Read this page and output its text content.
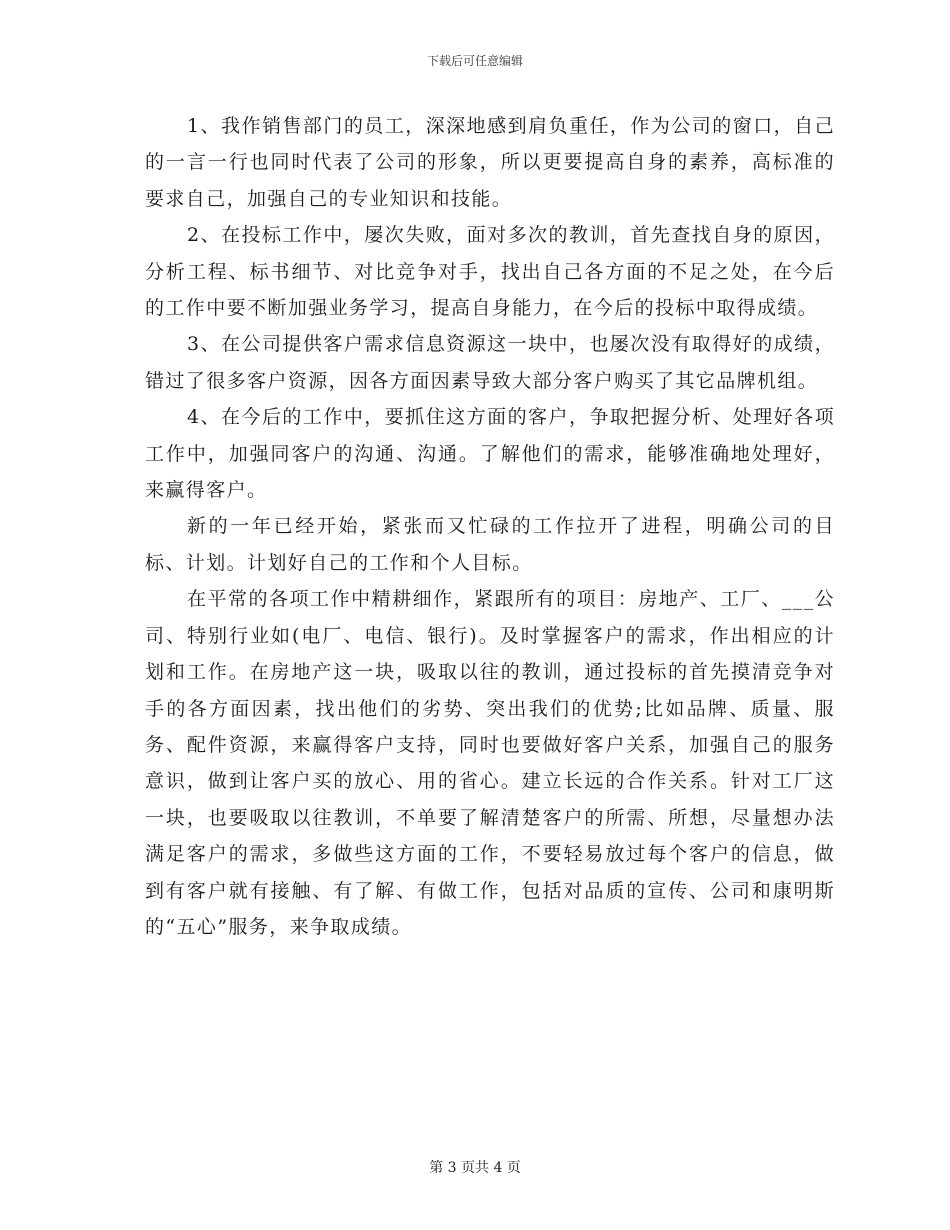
下载后可任意编辑

1、我作销售部门的员工，深深地感到肩负重任，作为公司的窗口，自己的一言一行也同时代表了公司的形象，所以更要提高自身的素养，高标准的要求自己，加强自己的专业知识和技能。

2、在投标工作中，屡次失败，面对多次的教训，首先查找自身的原因，分析工程、标书细节、对比竞争对手，找出自己各方面的不足之处，在今后的工作中要不断加强业务学习，提高自身能力，在今后的投标中取得成绩。

3、在公司提供客户需求信息资源这一块中，也屡次没有取得好的成绩，错过了很多客户资源，因各方面因素导致大部分客户购买了其它品牌机组。

4、在今后的工作中，要抓住这方面的客户，争取把握分析、处理好各项工作中，加强同客户的沟通、沟通。了解他们的需求，能够准确地处理好，来赢得客户。

新的一年已经开始，紧张而又忙碌的工作拉开了进程，明确公司的目标、计划。计划好自己的工作和个人目标。

在平常的各项工作中精耕细作，紧跟所有的项目：房地产、工厂、___公司、特别行业如(电厂、电信、银行)。及时掌握客户的需求，作出相应的计划和工作。在房地产这一块，吸取以往的教训，通过投标的首先摸清竞争对手的各方面因素，找出他们的劣势、突出我们的优势;比如品牌、质量、服务、配件资源，来赢得客户支持，同时也要做好客户关系，加强自己的服务意识，做到让客户买的放心、用的省心。建立长远的合作关系。针对工厂这一块，也要吸取以往教训，不单要了解清楚客户的所需、所想，尽量想办法满足客户的需求，多做些这方面的工作，不要轻易放过每个客户的信息，做到有客户就有接触、有了解、有做工作，包括对品质的宣传、公司和康明斯的“五心”服务，来争取成绩。

第 3 页共 4 页
